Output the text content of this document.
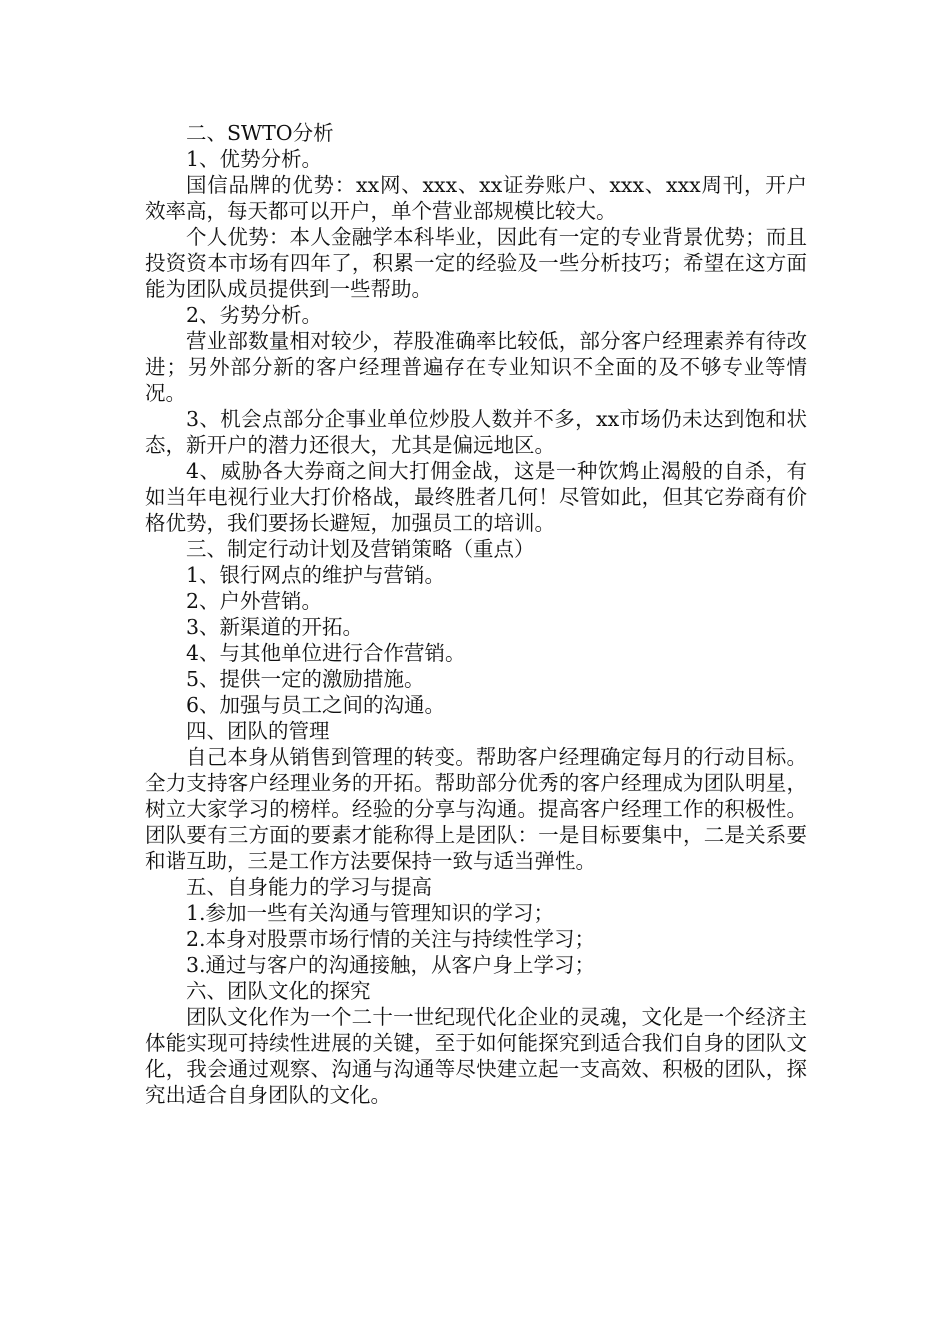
二、SWTO分析

1、优势分析。

国信品牌的优势：xx网、xxx、xx证券账户、xxx、xxx周刊，开户效率高，每天都可以开户，单个营业部规模比较大。

个人优势：本人金融学本科毕业，因此有一定的专业背景优势；而且投资资本市场有四年了，积累一定的经验及一些分析技巧；希望在这方面能为团队成员提供到一些帮助。

2、劣势分析。

营业部数量相对较少，荐股准确率比较低，部分客户经理素养有待改进；另外部分新的客户经理普遍存在专业知识不全面的及不够专业等情况。

3、机会点部分企事业单位炒股人数并不多，xx市场仍未达到饱和状态，新开户的潜力还很大，尤其是偏远地区。

4、威胁各大券商之间大打佣金战，这是一种饮鸩止渴般的自杀，有如当年电视行业大打价格战，最终胜者几何！尽管如此，但其它券商有价格优势，我们要扬长避短，加强员工的培训。

三、制定行动计划及营销策略（重点）

1、银行网点的维护与营销。

2、户外营销。

3、新渠道的开拓。

4、与其他单位进行合作营销。

5、提供一定的激励措施。

6、加强与员工之间的沟通。

四、团队的管理

自己本身从销售到管理的转变。帮助客户经理确定每月的行动目标。全力支持客户经理业务的开拓。帮助部分优秀的客户经理成为团队明星，树立大家学习的榜样。经验的分享与沟通。提高客户经理工作的积极性。团队要有三方面的要素才能称得上是团队：一是目标要集中，二是关系要和谐互助，三是工作方法要保持一致与适当弹性。

五、自身能力的学习与提高

1.参加一些有关沟通与管理知识的学习；

2.本身对股票市场行情的关注与持续性学习；

3.通过与客户的沟通接触，从客户身上学习；

六、团队文化的探究

团队文化作为一个二十一世纪现代化企业的灵魂，文化是一个经济主体能实现可持续性进展的关键，至于如何能探究到适合我们自身的团队文化，我会通过观察、沟通与沟通等尽快建立起一支高效、积极的团队，探究出适合自身团队的文化。
